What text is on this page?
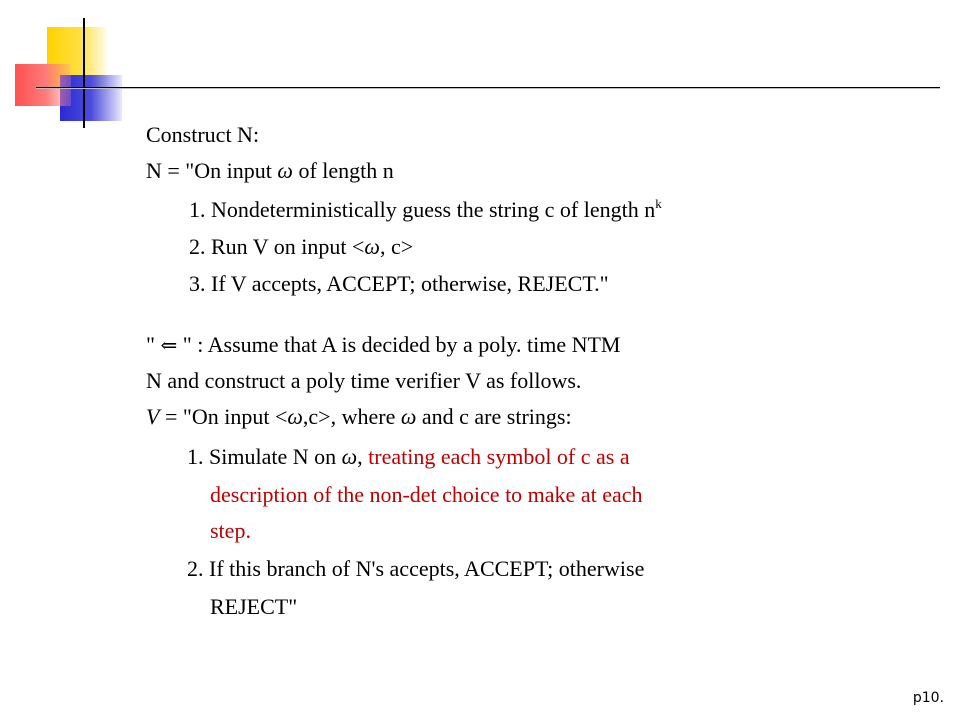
Construct N:
N = "On input ω of length n
1. Nondeterministically guess the string c of length $n^k$
2. Run V on input <ω, c>
3. If V accepts, ACCEPT; otherwise, REJECT."
" ⇐ " : Assume that A is decided by a poly. time NTM
N and construct a poly time verifier V as follows.
V = "On input <ω,c>, where ω and c are strings:
1. Simulate N on ω, treating each symbol of c as a
description of the non-det choice to make at each
step.
2. If this branch of N's accepts, ACCEPT; otherwise
REJECT"
p10.
